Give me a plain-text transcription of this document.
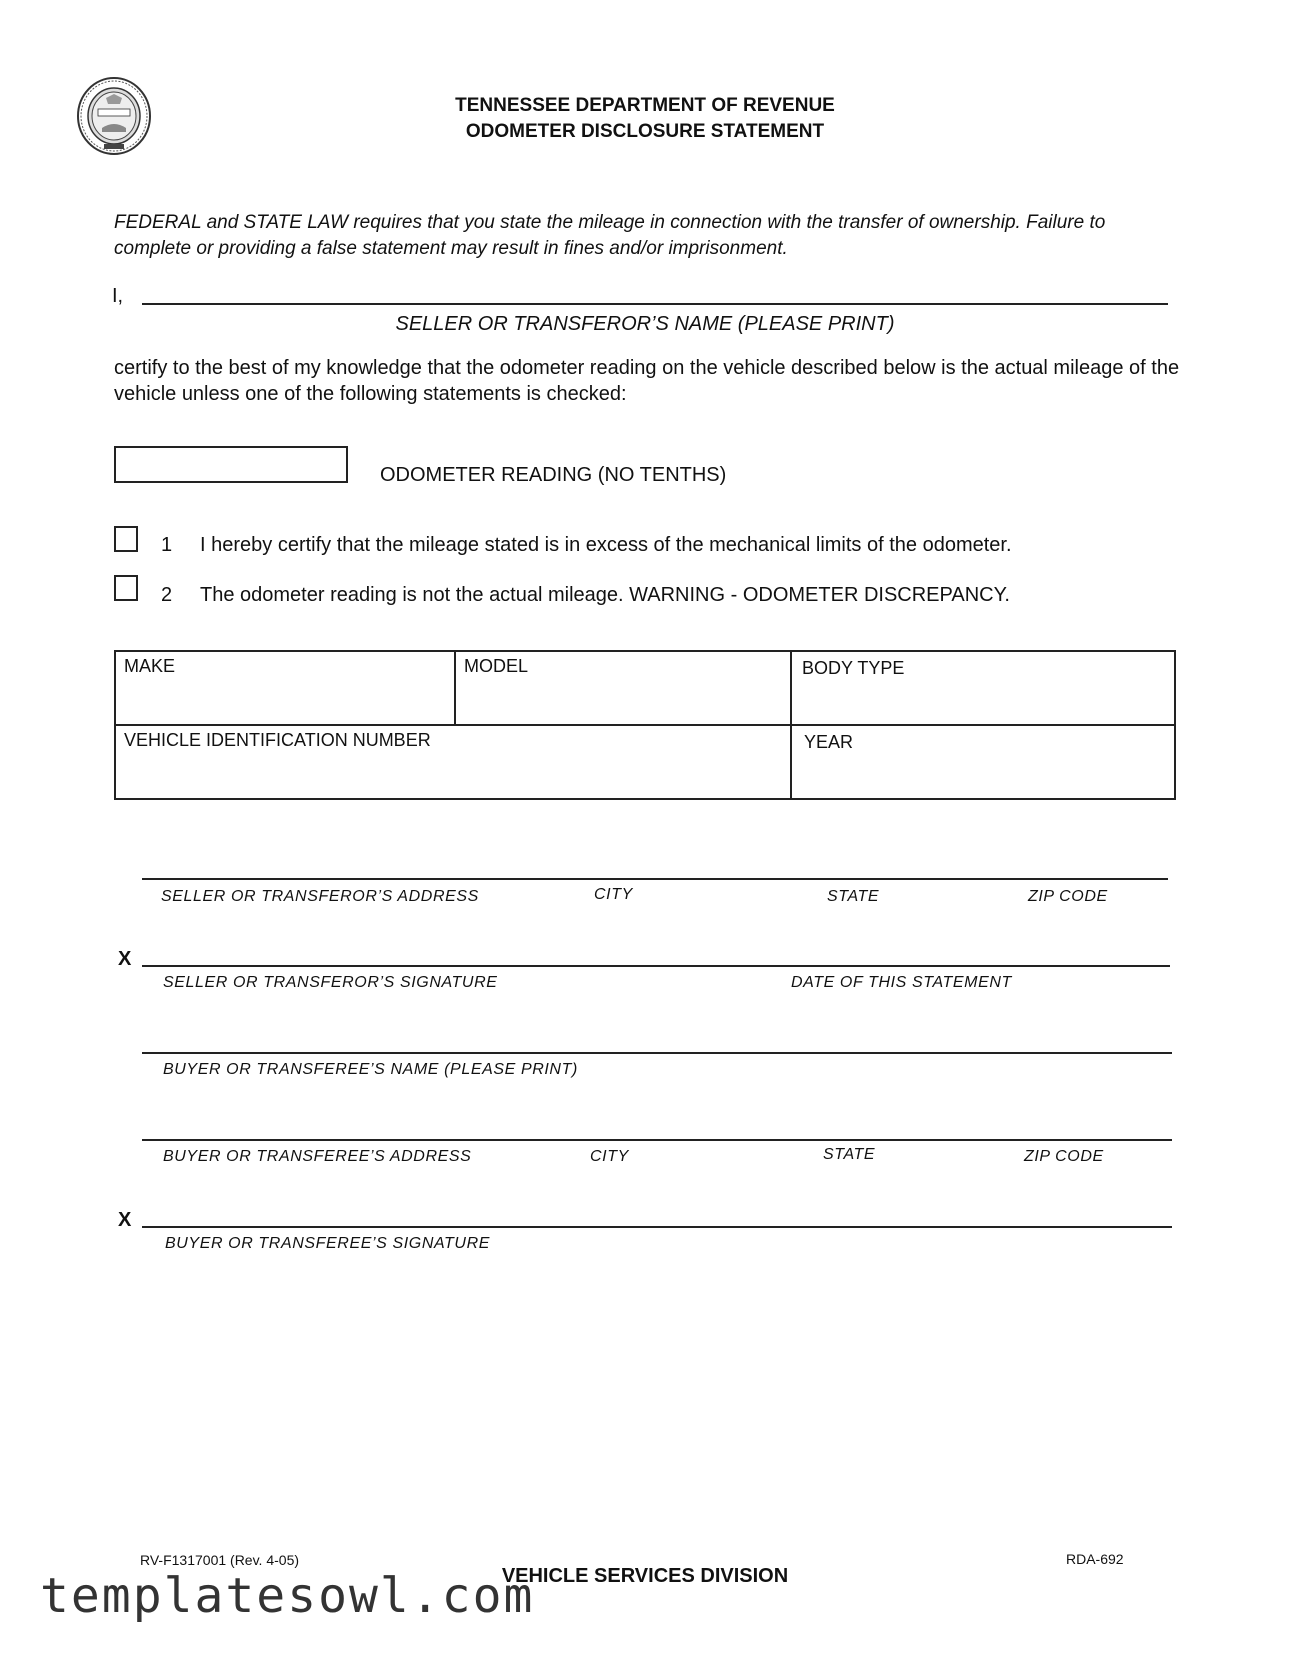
TENNESSEE DEPARTMENT OF REVENUE
ODOMETER DISCLOSURE STATEMENT
FEDERAL and STATE LAW requires that you state the mileage in connection with the transfer of ownership. Failure to complete or providing a false statement may result in fines and/or imprisonment.
I,
SELLER OR TRANSFEROR’S NAME (PLEASE PRINT)
certify to the best of my knowledge that the odometer reading on the vehicle described below is the actual mileage of the vehicle unless one of the following statements is checked:
ODOMETER READING (NO TENTHS)
1 I hereby certify that the mileage stated is in excess of the mechanical limits of the odometer.
2 The odometer reading is not the actual mileage. WARNING - ODOMETER DISCREPANCY.
MAKE	MODEL	BODY TYPE
VEHICLE IDENTIFICATION NUMBER	YEAR
SELLER OR TRANSFEROR’S ADDRESS	CITY	STATE	ZIP CODE
X
SELLER OR TRANSFEROR’S SIGNATURE	DATE OF THIS STATEMENT
BUYER OR TRANSFEREE’S NAME (PLEASE PRINT)
BUYER OR TRANSFEREE’S ADDRESS	CITY	STATE	ZIP CODE
X
BUYER OR TRANSFEREE’S SIGNATURE
RV-F1317001 (Rev. 4-05)
VEHICLE SERVICES DIVISION
RDA-692
templatesowl.com
